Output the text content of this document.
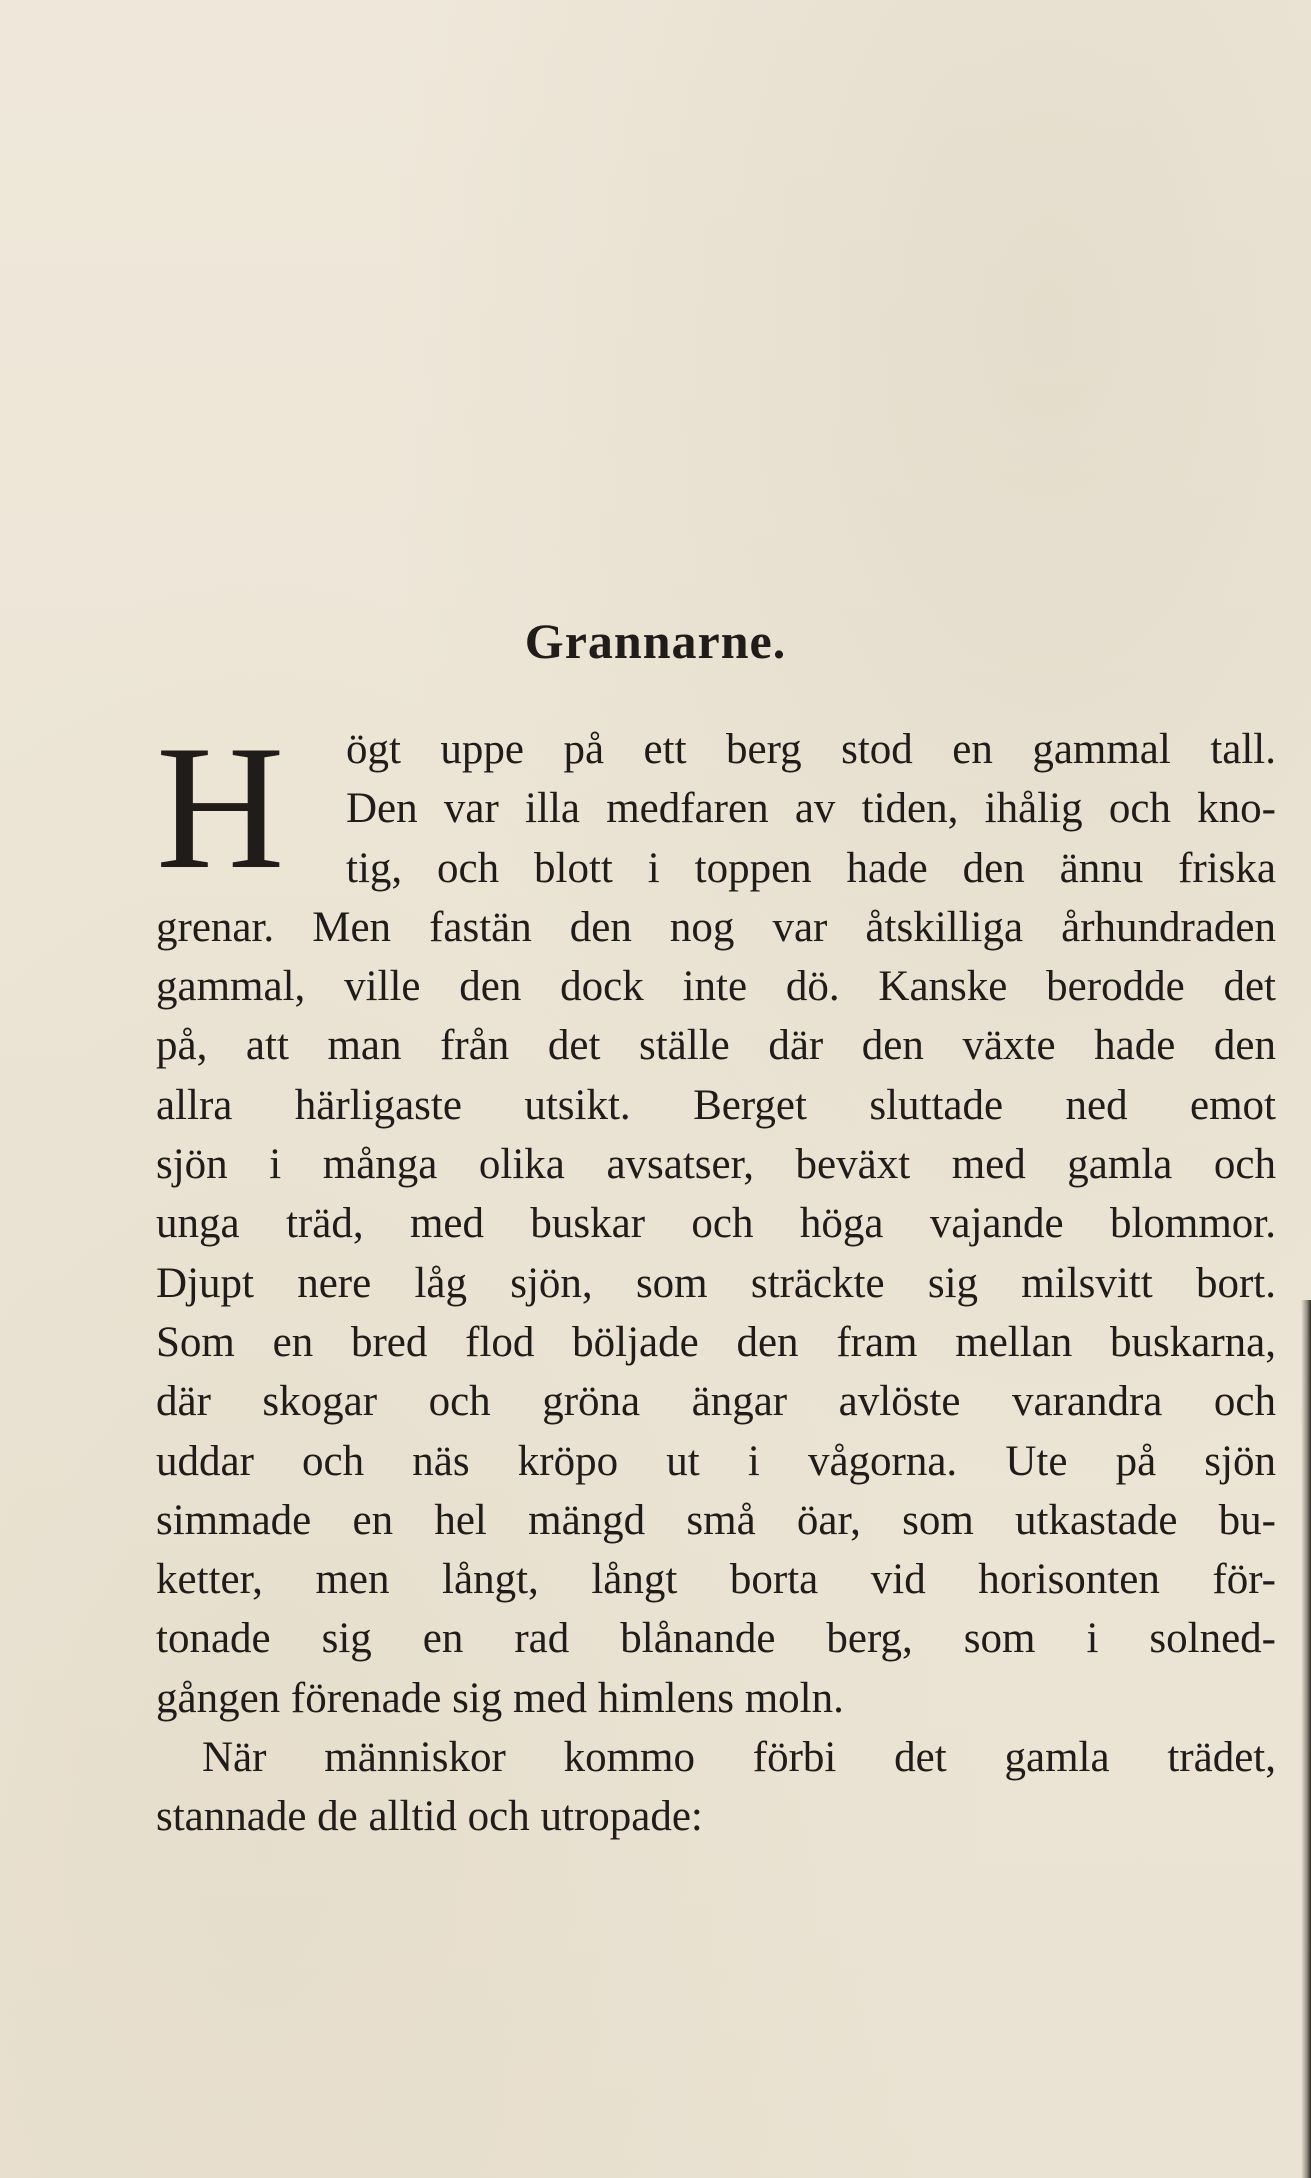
Grannarne.
H	ögt uppe på ett berg stod en gammal tall.
Den var illa medfaren av tiden, ihålig och kno-
tig, och blott i toppen hade den ännu friska
grenar. Men fastän den nog var åtskilliga århundraden
gammal, ville den dock inte dö. Kanske berodde det
på, att man från det ställe där den växte hade den
allra härligaste utsikt. Berget sluttade ned emot
sjön i många olika avsatser, beväxt med gamla och
unga träd, med buskar och höga vajande blommor.
Djupt nere låg sjön, som sträckte sig milsvitt bort.
Som en bred flod böljade den fram mellan buskarna,
där skogar och gröna ängar avlöste varandra och
uddar och näs kröpo ut i vågorna. Ute på sjön
simmade en hel mängd små öar, som utkastade bu-
ketter, men långt, långt borta vid horisonten för-
tonade sig en rad blånande berg, som i solned-
gången förenade sig med himlens moln.
När människor kommo förbi det gamla trädet,
stannade de alltid och utropade:
